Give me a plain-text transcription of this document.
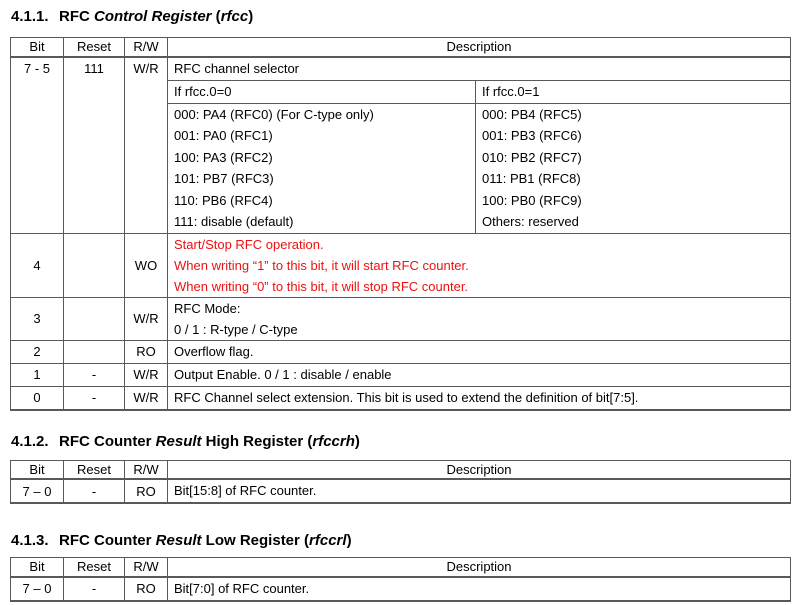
4.1.1. RFC Control Register (rfcc)
Bit	Reset	R/W	Description
7 - 5	111	W/R	RFC channel selector
If rfcc.0=0
000: PA4 (RFC0) (For C-type only)
001: PA0 (RFC1)
100: PA3 (RFC2)
101: PB7 (RFC3)
110: PB6 (RFC4)
111: disable (default)
If rfcc.0=1
000: PB4 (RFC5)
001: PB3 (RFC6)
010: PB2 (RFC7)
011: PB1 (RFC8)
100: PB0 (RFC9)
Others: reserved

4		WO	Start/Stop RFC operation.
When writing “1” to this bit, it will start RFC counter.
When writing “0” to this bit, it will stop RFC counter.

3		W/R	RFC Mode:
0 / 1 : R-type / C-type

2		RO	Overflow flag.

1	-	W/R	Output Enable. 0 / 1 : disable / enable

0	-	W/R	RFC Channel select extension. This bit is used to extend the definition of bit[7:5].
4.1.2. RFC Counter Result High Register (rfccrh)
Bit	Reset	R/W	Description
7 – 0	-	RO	Bit[15:8] of RFC counter.
4.1.3. RFC Counter Result Low Register (rfccrl)
Bit	Reset	R/W	Description
7 – 0	-	RO	Bit[7:0] of RFC counter.
